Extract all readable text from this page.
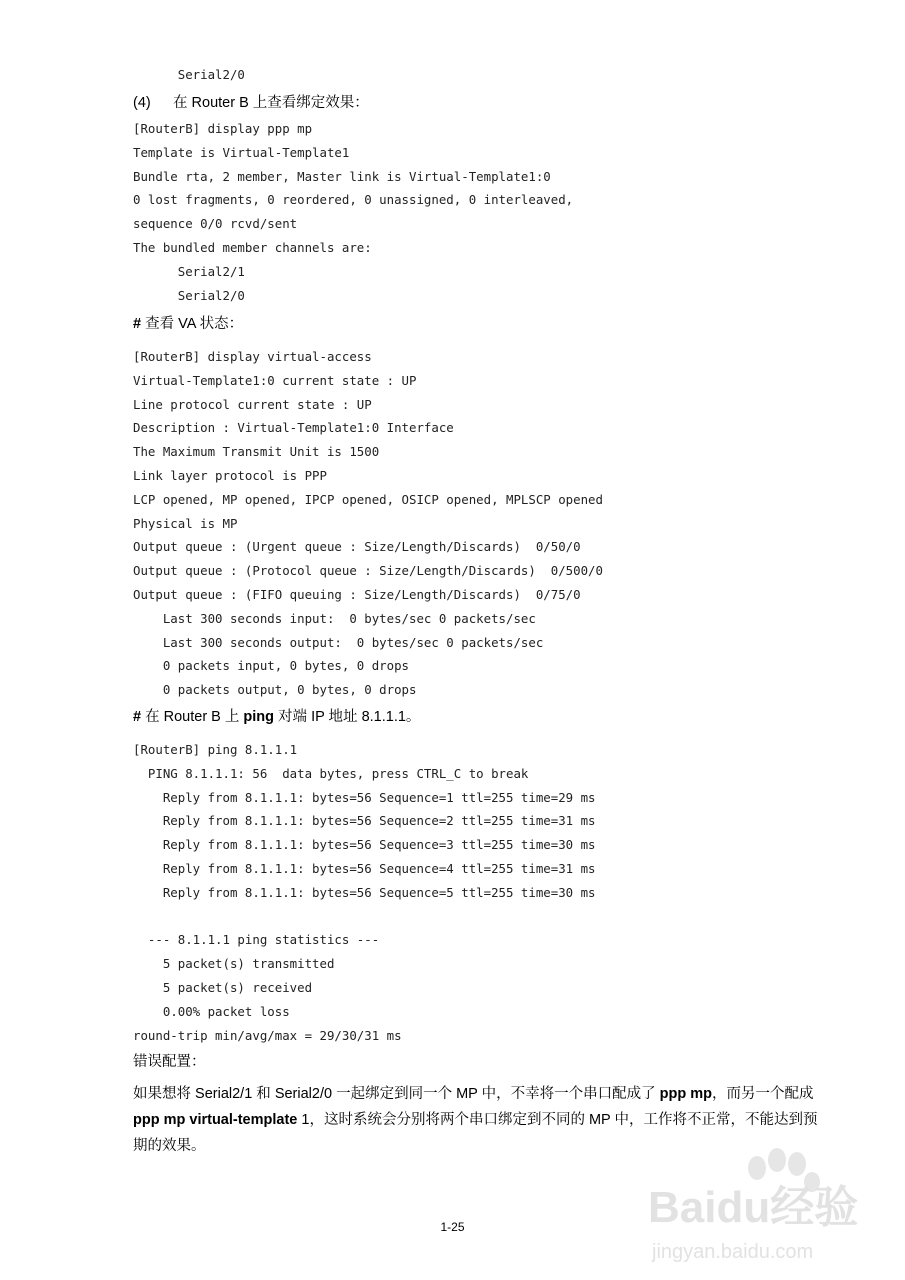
Serial2/0
(4) 在 Router B 上查看绑定效果：
[RouterB] display ppp mp
Template is Virtual-Template1
Bundle rta, 2 member, Master link is Virtual-Template1:0
0 lost fragments, 0 reordered, 0 unassigned, 0 interleaved,
sequence 0/0 rcvd/sent
The bundled member channels are:
Serial2/1
Serial2/0
# 查看 VA 状态：
[RouterB] display virtual-access
Virtual-Template1:0 current state : UP
Line protocol current state : UP
Description : Virtual-Template1:0 Interface
The Maximum Transmit Unit is 1500
Link layer protocol is PPP
LCP opened, MP opened, IPCP opened, OSICP opened, MPLSCP opened
Physical is MP
Output queue : (Urgent queue : Size/Length/Discards)  0/50/0
Output queue : (Protocol queue : Size/Length/Discards)  0/500/0
Output queue : (FIFO queuing : Size/Length/Discards)  0/75/0
Last 300 seconds input:  0 bytes/sec 0 packets/sec
Last 300 seconds output:  0 bytes/sec 0 packets/sec
0 packets input, 0 bytes, 0 drops
0 packets output, 0 bytes, 0 drops
# 在 Router B 上 ping 对端 IP 地址 8.1.1.1。
[RouterB] ping 8.1.1.1
PING 8.1.1.1: 56  data bytes, press CTRL_C to break
Reply from 8.1.1.1: bytes=56 Sequence=1 ttl=255 time=29 ms
Reply from 8.1.1.1: bytes=56 Sequence=2 ttl=255 time=31 ms
Reply from 8.1.1.1: bytes=56 Sequence=3 ttl=255 time=30 ms
Reply from 8.1.1.1: bytes=56 Sequence=4 ttl=255 time=31 ms
Reply from 8.1.1.1: bytes=56 Sequence=5 ttl=255 time=30 ms
--- 8.1.1.1 ping statistics ---
5 packet(s) transmitted
5 packet(s) received
0.00% packet loss
round-trip min/avg/max = 29/30/31 ms
错误配置：
如果想将 Serial2/1 和 Serial2/0 一起绑定到同一个 MP 中，不幸将一个串口配成了 ppp mp，而另一个配成 ppp mp virtual-template 1，这时系统会分别将两个串口绑定到不同的 MP 中，工作将不正常，不能达到预期的效果。
1-25	Baidu经验
jingyan.baidu.com
